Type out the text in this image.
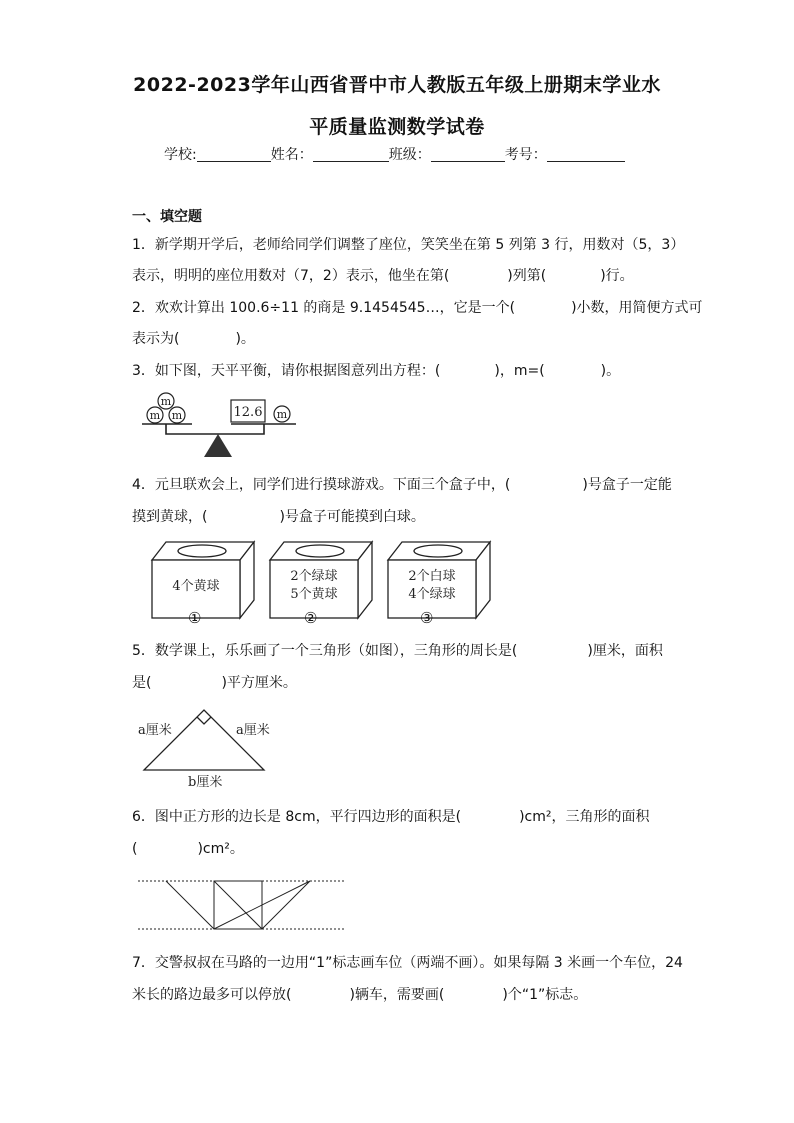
2022-2023学年山西省晋中市人教版五年级上册期末学业水
平质量监测数学试卷
学校:	姓名：	班级：	考号：
一、填空题
1．新学期开学后，老师给同学们调整了座位，笑笑坐在第 5 列第 3 行，用数对（5，3）
表示，明明的座位用数对（7，2）表示，他坐在第(	)列第(	)行。
2．欢欢计算出 100.6÷11 的商是 9.1454545…，它是一个(	)小数，用简便方式可
表示为(	)。
3．如下图，天平平衡，请你根据图意列出方程：(	)，m=(	)。
m
m m	12.6 m
4．元旦联欢会上，同学们进行摸球游戏。下面三个盒子中，(	)号盒子一定能
摸到黄球，(	)号盒子可能摸到白球。
4个黄球
2个绿球
5个黄球
2个白球
4个绿球
①	②	③
5．数学课上，乐乐画了一个三角形（如图），三角形的周长是(	)厘米，面积
是(	)平方厘米。
a厘米	a厘米
b厘米
6．图中正方形的边长是 8cm，平行四边形的面积是(	)cm²，三角形的面积
(	)cm²。
7．交警叔叔在马路的一边用“1”标志画车位（两端不画）。如果每隔 3 米画一个车位，24
米长的路边最多可以停放(	)辆车，需要画(	)个“1”标志。
